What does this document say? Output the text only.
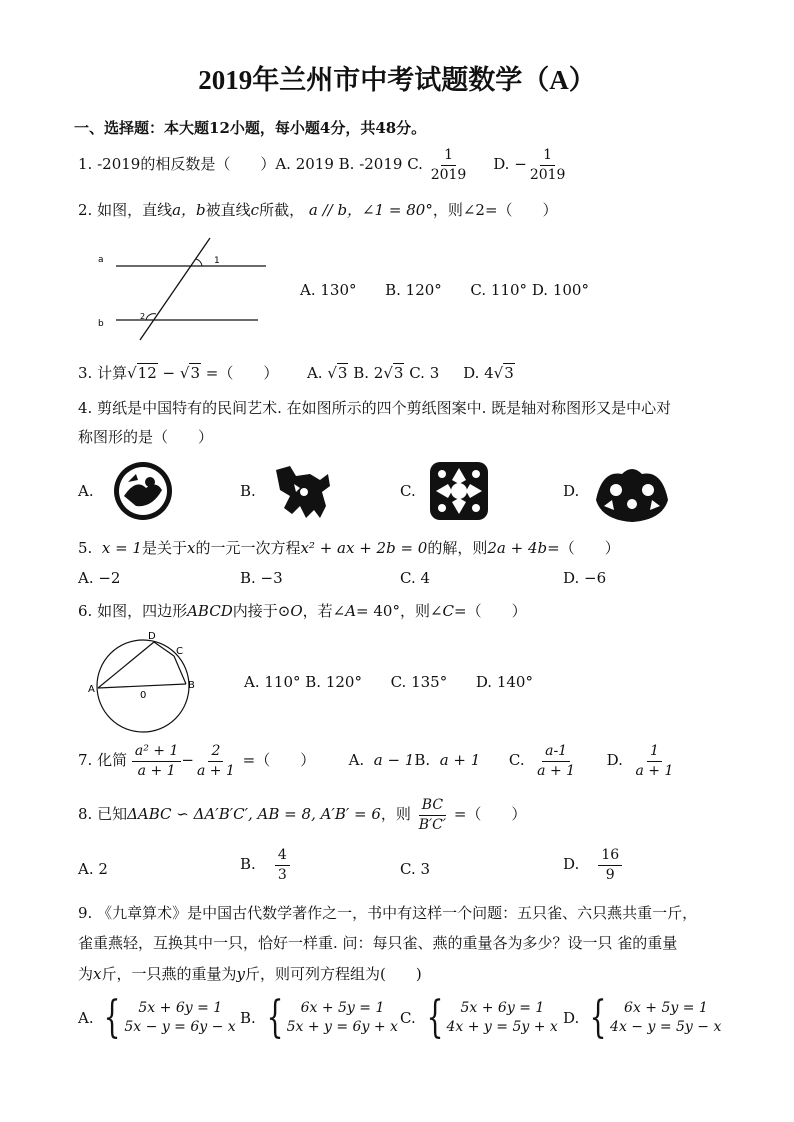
2019年兰州市中考试题数学（A）
一、选择题：本大题12小题，每小题4分，共48分。
1. -2019的相反数是（　　）A. 2019 B. -2019 C. $\frac{1}{2019} D$. − $\frac{1}{2019}$
2. 如图，直线a，b被直线c所截， a // b，∠1 = 80°，则∠2=（　　）
a
b
1
2
A. 130° B. 120° C. 110° D. 100°
3. 计算√12 − √3 =（　　） A. √3 B. 2√3 C. 3 D. 4√3
4. 剪纸是中国特有的民间艺术. 在如图所示的四个剪纸图案中. 既是轴对称图形又是中心对
称图形的是（　　）
A.	B.	C.	D.
5. x = 1是关于x的一元一次方程x² + ax + 2b = 0的解，则2a + 4b=（　　）
A. −2	B. −3	C. 4	D. −6
6. 如图，四边形ABCD内接于⊙O，若∠A= 40°，则∠C=（　　）
A	B
C
D
0
A. 110° B. 120° C. 135° D. 140°
7. 化简 $\frac{\text{a² + 1}}{a + 1} - \frac{2}{a + 1}$ =（　　） A. a − 1B. a + 1 C. $\frac{a-1}{a + 1} D$. $\frac{1}{a + 1}$
8. 已知ΔABC ∽ ΔA′B′C′, AB = 8, A′B′ = 6，则 $\frac{BC}{B'C'}$ =（　　）
A. 2	B. $\frac{4}{3}$	C. 3	D. $\frac{16}{9}$
9. 《九章算术》是中国古代数学著作之一，书中有这样一个问题：五只雀、六只燕共重一斤，
雀重燕轻，互换其中一只，恰好一样重. 问：每只雀、燕的重量各为多少？设一只 雀的重量
为x斤，一只燕的重量为y斤，则可列方程组为(　　)
A.
{	5x + 6y = 1
5x − y = 6y − x B.
{	6x + 5y = 1
5x + y = 6y + x C.
{	5x + 6y = 1
4x + y = 5y + x D.
{	6x + 5y = 1
4x − y = 5y − x
